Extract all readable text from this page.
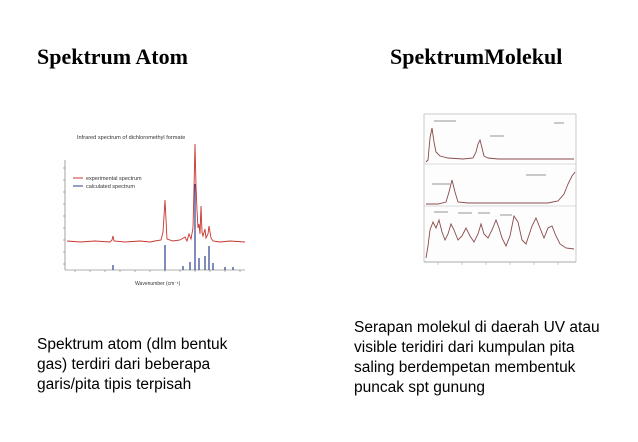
Spektrum Atom	SpektrumMolekul
Infrared spectrum of dichloromethyl formate
experimental spectrum
calculated spectrum
Wavenumber (cm⁻¹)

Spektrum atom (dlm bentuk
gas) terdiri dari beberapa
garis/pita tipis terpisah

Serapan molekul di daerah UV atau
visible teridiri dari kumpulan pita
saling berdempetan membentuk
puncak spt gunung
